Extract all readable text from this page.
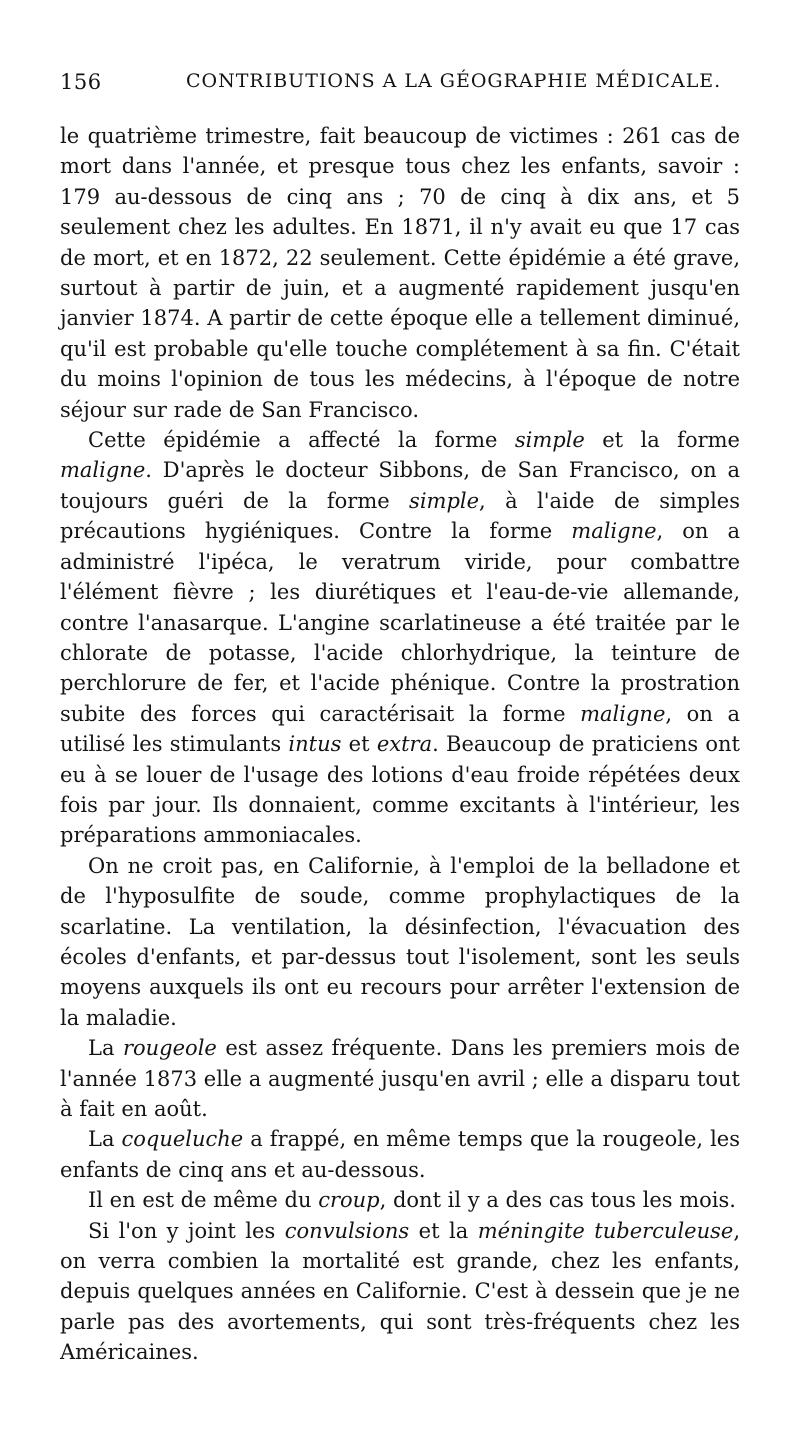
156	CONTRIBUTIONS A LA GÉOGRAPHIE MÉDICALE.

le quatrième trimestre, fait beaucoup de victimes : 261 cas de mort dans l'année, et presque tous chez les enfants, savoir : 179 au-dessous de cinq ans ; 70 de cinq à dix ans, et 5 seulement chez les adultes. En 1871, il n'y avait eu que 17 cas de mort, et en 1872, 22 seulement. Cette épidémie a été grave, surtout à partir de juin, et a augmenté rapidement jusqu'en janvier 1874. A partir de cette époque elle a tellement diminué, qu'il est probable qu'elle touche complétement à sa fin. C'était du moins l'opinion de tous les médecins, à l'époque de notre séjour sur rade de San Francisco.

Cette épidémie a affecté la forme simple et la forme maligne. D'après le docteur Sibbons, de San Francisco, on a toujours guéri de la forme simple, à l'aide de simples précautions hygiéniques. Contre la forme maligne, on a administré l'ipéca, le veratrum viride, pour combattre l'élément fièvre ; les diurétiques et l'eau-de-vie allemande, contre l'anasarque. L'angine scarlatineuse a été traitée par le chlorate de potasse, l'acide chlorhydrique, la teinture de perchlorure de fer, et l'acide phénique. Contre la prostration subite des forces qui caractérisait la forme maligne, on a utilisé les stimulants intus et extra. Beaucoup de praticiens ont eu à se louer de l'usage des lotions d'eau froide répétées deux fois par jour. Ils donnaient, comme excitants à l'intérieur, les préparations ammoniacales.

On ne croit pas, en Californie, à l'emploi de la belladone et de l'hyposulfite de soude, comme prophylactiques de la scarlatine. La ventilation, la désinfection, l'évacuation des écoles d'enfants, et par-dessus tout l'isolement, sont les seuls moyens auxquels ils ont eu recours pour arrêter l'extension de la maladie.

La rougeole est assez fréquente. Dans les premiers mois de l'année 1873 elle a augmenté jusqu'en avril ; elle a disparu tout à fait en août.

La coqueluche a frappé, en même temps que la rougeole, les enfants de cinq ans et au-dessous.

Il en est de même du croup, dont il y a des cas tous les mois.

Si l'on y joint les convulsions et la méningite tuberculeuse, on verra combien la mortalité est grande, chez les enfants, depuis quelques années en Californie. C'est à dessein que je ne parle pas des avortements, qui sont très-fréquents chez les Américaines.
